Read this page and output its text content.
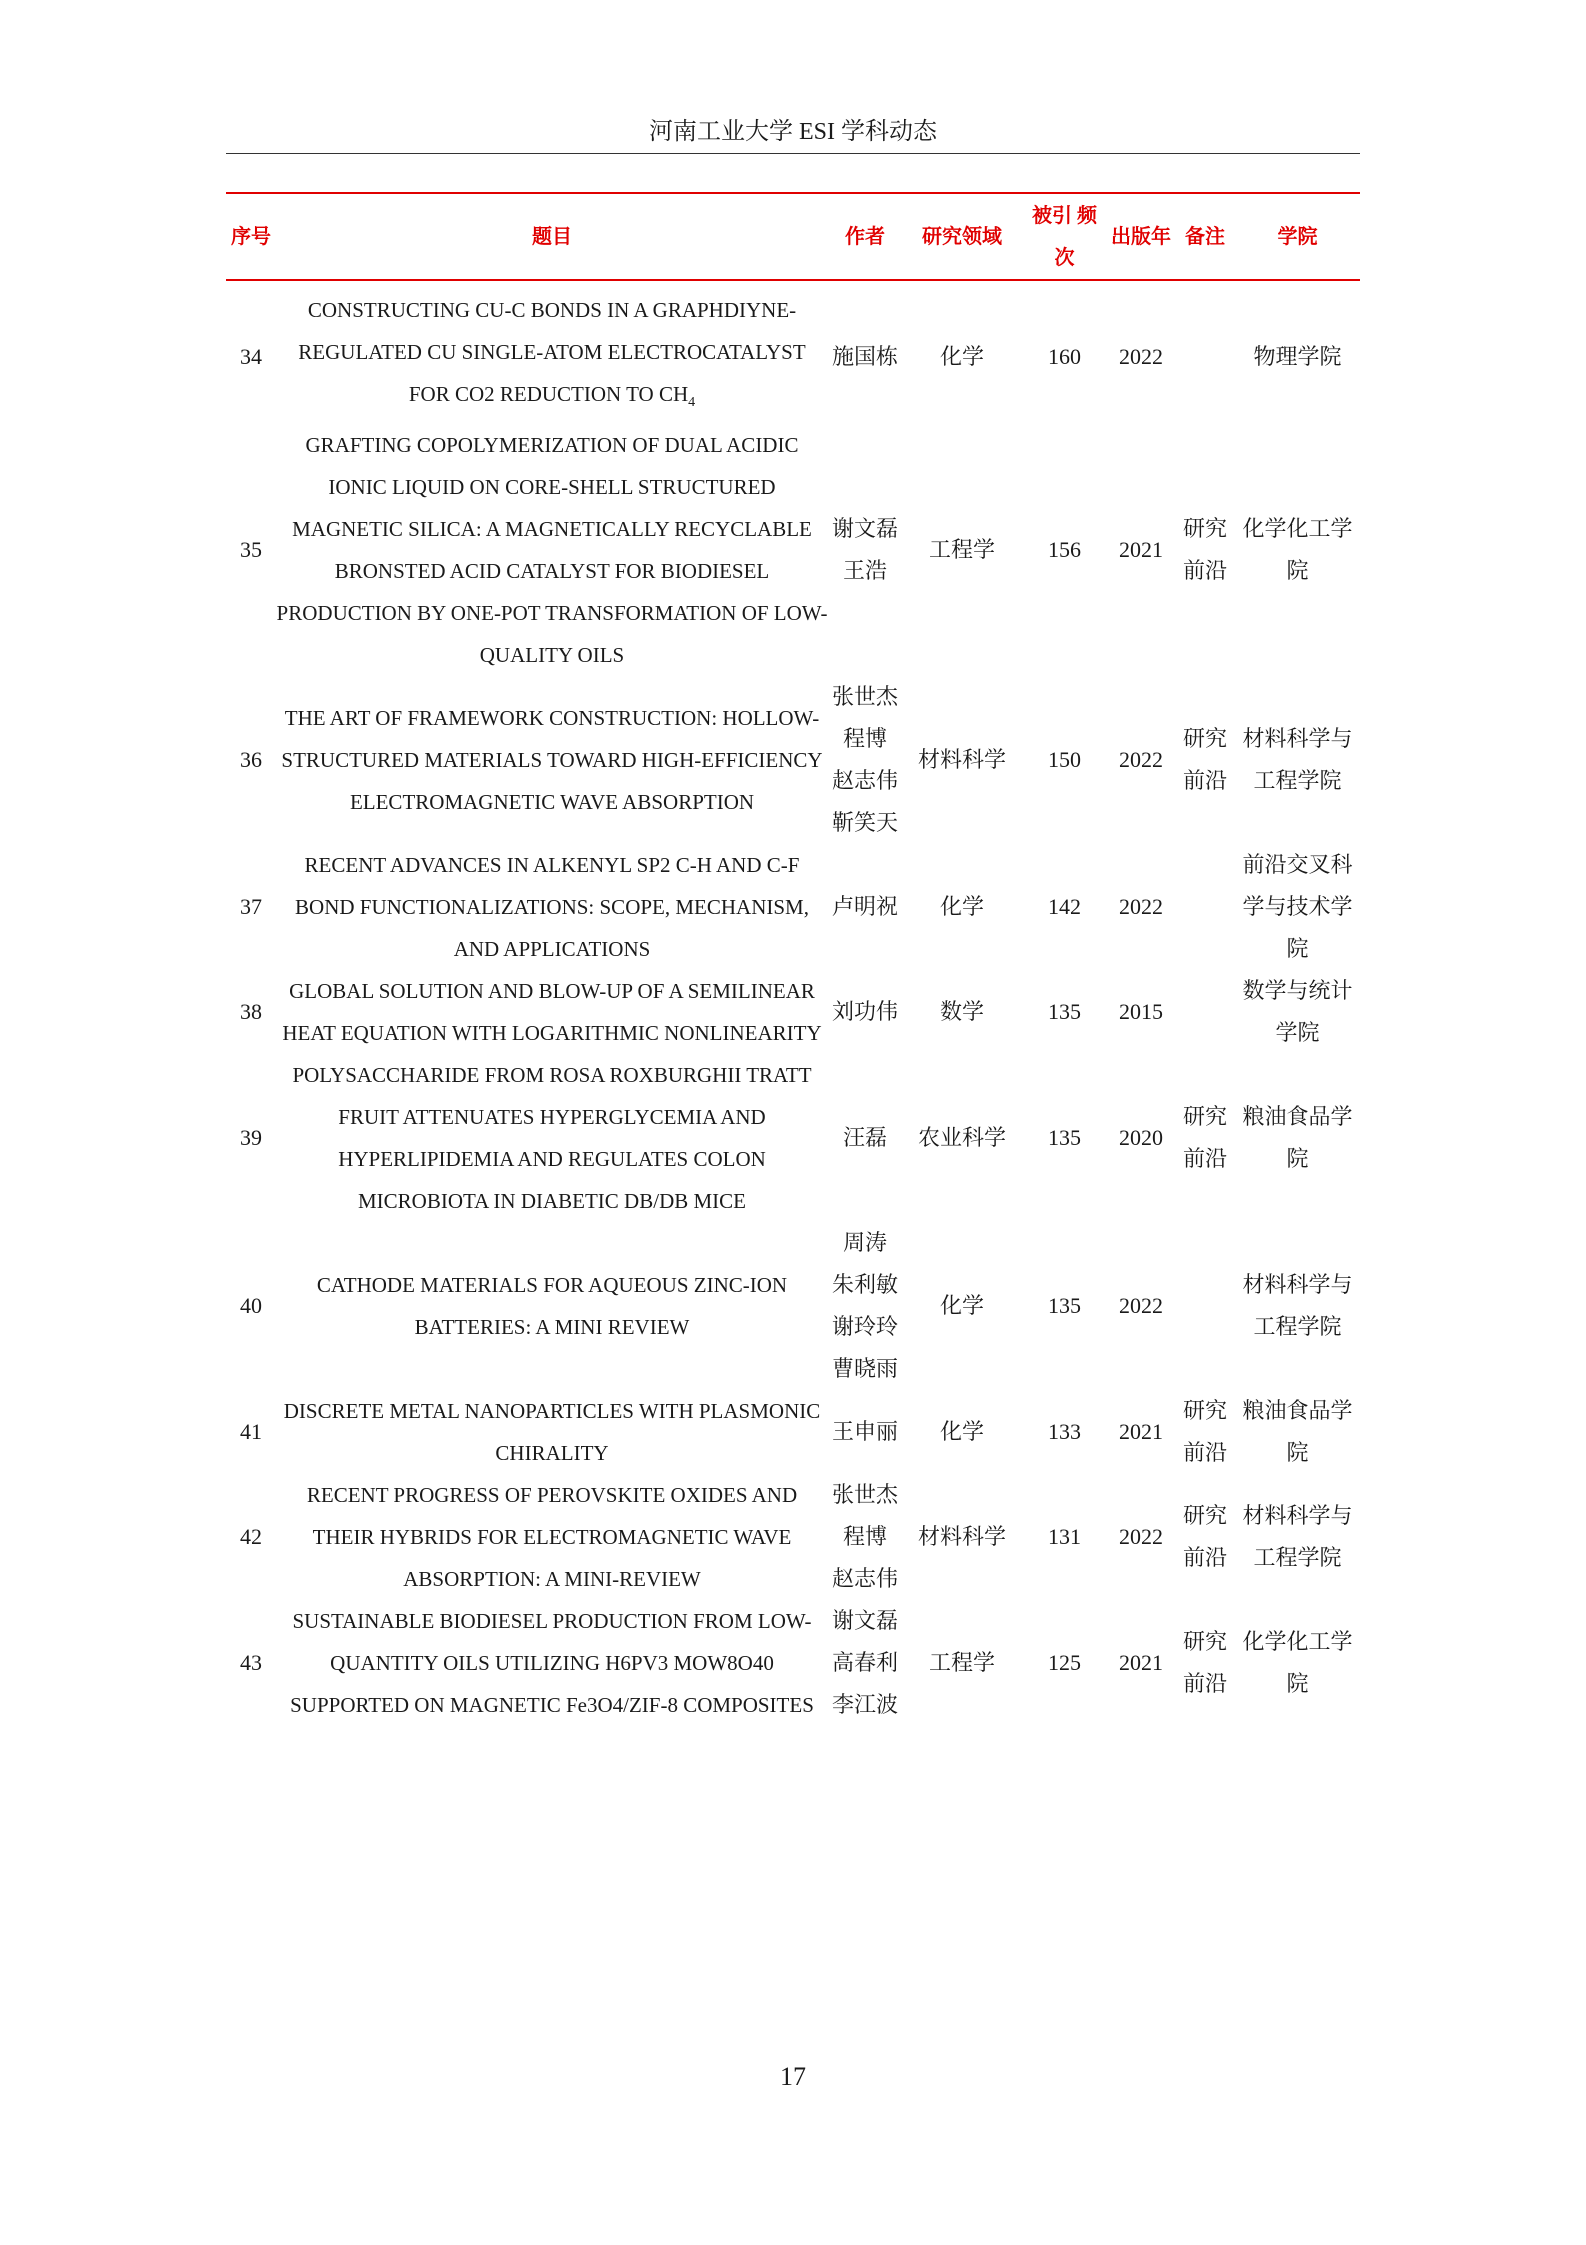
河南工业大学 ESI 学科动态
序号	题目	作者	研究领域	被引 频
次	出版年	备注	学院
34	CONSTRUCTING CU-C BONDS IN A GRAPHDIYNE-REGULATED CU SINGLE-ATOM ELECTROCATALYST FOR CO2 REDUCTION TO $CH_4$	施国栋	化学	160	2022		物理学院
35	GRAFTING COPOLYMERIZATION OF DUAL ACIDIC IONIC LIQUID ON CORE-SHELL STRUCTURED MAGNETIC SILICA: A MAGNETICALLY RECYCLABLE BRONSTED ACID CATALYST FOR BIODIESEL PRODUCTION BY ONE-POT TRANSFORMATION OF LOW-QUALITY OILS	谢文磊
王浩	工程学	156	2021	研究前沿	化学化工学院
36	THE ART OF FRAMEWORK CONSTRUCTION: HOLLOW-STRUCTURED MATERIALS TOWARD HIGH-EFFICIENCY ELECTROMAGNETIC WAVE ABSORPTION	张世杰
程博
赵志伟
靳笑天	材料科学	150	2022	研究前沿	材料科学与工程学院
37	RECENT ADVANCES IN ALKENYL SP2 C-H AND C-F BOND FUNCTIONALIZATIONS: SCOPE, MECHANISM, AND APPLICATIONS	卢明祝	化学	142	2022		前沿交叉科学与技术学院
38	GLOBAL SOLUTION AND BLOW-UP OF A SEMILINEAR HEAT EQUATION WITH LOGARITHMIC NONLINEARITY	刘功伟	数学	135	2015		数学与统计学院
39	POLYSACCHARIDE FROM ROSA ROXBURGHII TRATT FRUIT ATTENUATES HYPERGLYCEMIA AND HYPERLIPIDEMIA AND REGULATES COLON MICROBIOTA IN DIABETIC DB/DB MICE	汪磊	农业科学	135	2020	研究前沿	粮油食品学院
40	CATHODE MATERIALS FOR AQUEOUS ZINC-ION BATTERIES: A MINI REVIEW	周涛
朱利敏
谢玲玲
曹晓雨	化学	135	2022		材料科学与工程学院
41	DISCRETE METAL NANOPARTICLES WITH PLASMONIC CHIRALITY	王申丽	化学	133	2021	研究前沿	粮油食品学院
42	RECENT PROGRESS OF PEROVSKITE OXIDES AND THEIR HYBRIDS FOR ELECTROMAGNETIC WAVE ABSORPTION: A MINI-REVIEW	张世杰
程博
赵志伟	材料科学	131	2022	研究前沿	材料科学与工程学院
43	SUSTAINABLE BIODIESEL PRODUCTION FROM LOW-QUANTITY OILS UTILIZING H6PV3 MOW8O40 SUPPORTED ON MAGNETIC Fe3O4/ZIF-8 COMPOSITES	谢文磊
高春利
李江波	工程学	125	2021	研究前沿	化学化工学院
17
